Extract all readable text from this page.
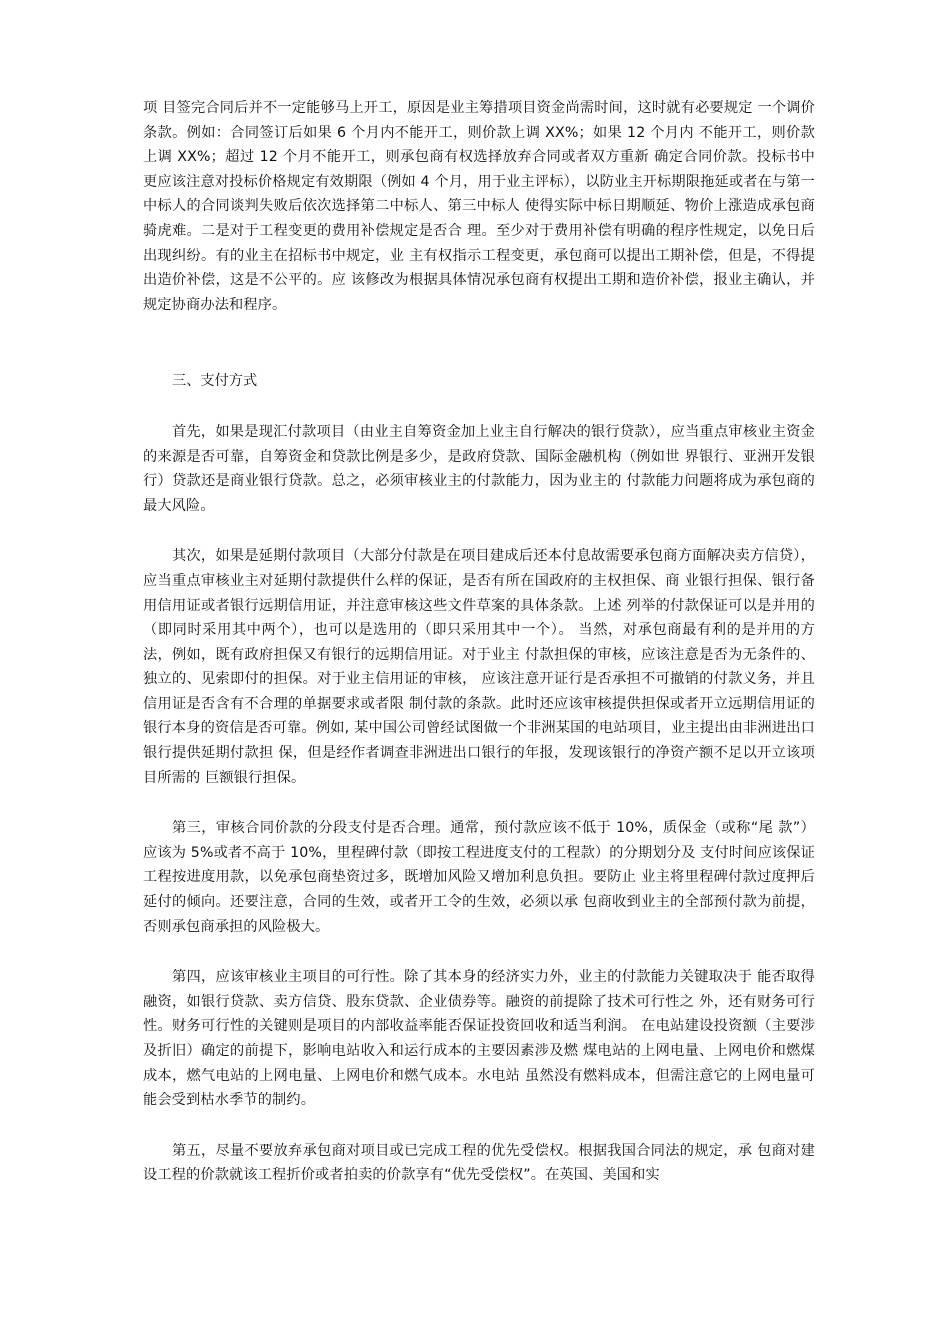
项 目签完合同后并不一定能够马上开工，原因是业主筹措项目资金尚需时间，这时就有必要规定 一个调价条款。例如：合同签订后如果 6 个月内不能开工，则价款上调 XX%；如果 12 个月内 不能开工，则价款上调 XX%；超过 12 个月不能开工，则承包商有权选择放弃合同或者双方重新 确定合同价款。投标书中更应该注意对投标价格规定有效期限（例如 4 个月，用于业主评标），以防业主开标期限拖延或者在与第一中标人的合同谈判失败后依次选择第二中标人、第三中标人 使得实际中标日期顺延、物价上涨造成承包商骑虎难。二是对于工程变更的费用补偿规定是否合 理。至少对于费用补偿有明确的程序性规定，以免日后出现纠纷。有的业主在招标书中规定，业 主有权指示工程变更，承包商可以提出工期补偿，但是，不得提出造价补偿，这是不公平的。应 该修改为根据具体情况承包商有权提出工期和造价补偿，报业主确认，并规定协商办法和程序。

三、支付方式

首先，如果是现汇付款项目（由业主自筹资金加上业主自行解决的银行贷款），应当重点审核业主资金的来源是否可靠，自筹资金和贷款比例是多少，是政府贷款、国际金融机构（例如世 界银行、亚洲开发银行）贷款还是商业银行贷款。总之，必须审核业主的付款能力，因为业主的 付款能力问题将成为承包商的最大风险。

其次，如果是延期付款项目（大部分付款是在项目建成后还本付息故需要承包商方面解决卖方信贷），应当重点审核业主对延期付款提供什么样的保证，是否有所在国政府的主权担保、商 业银行担保、银行备用信用证或者银行远期信用证，并注意审核这些文件草案的具体条款。上述 列举的付款保证可以是并用的（即同时采用其中两个），也可以是选用的（即只采用其中一个）。 当然，对承包商最有利的是并用的方法，例如，既有政府担保又有银行的远期信用证。对于业主 付款担保的审核，应该注意是否为无条件的、独立的、见索即付的担保。对于业主信用证的审核， 应该注意开证行是否承担不可撤销的付款义务，并且信用证是否含有不合理的单据要求或者限 制付款的条款。此时还应该审核提供担保或者开立远期信用证的银行本身的资信是否可靠。例如, 某中国公司曾经试图做一个非洲某国的电站项目，业主提出由非洲进出口银行提供延期付款担 保，但是经作者调查非洲进出口银行的年报，发现该银行的净资产额不足以开立该项目所需的 巨额银行担保。

第三，审核合同价款的分段支付是否合理。通常，预付款应该不低于 10%，质保金（或称“尾 款”）应该为 5%或者不高于 10%，里程碑付款（即按工程进度支付的工程款）的分期划分及 支付时间应该保证工程按进度用款，以免承包商垫资过多，既增加风险又增加利息负担。要防止 业主将里程碑付款过度押后延付的倾向。还要注意，合同的生效，或者开工令的生效，必须以承 包商收到业主的全部预付款为前提，否则承包商承担的风险极大。

第四，应该审核业主项目的可行性。除了其本身的经济实力外，业主的付款能力关键取决于 能否取得融资，如银行贷款、卖方信贷、股东贷款、企业债券等。融资的前提除了技术可行性之 外，还有财务可行性。财务可行性的关键则是项目的内部收益率能否保证投资回收和适当利润。 在电站建设投资额（主要涉及折旧）确定的前提下，影响电站收入和运行成本的主要因素涉及燃 煤电站的上网电量、上网电价和燃煤成本，燃气电站的上网电量、上网电价和燃气成本。水电站 虽然没有燃料成本，但需注意它的上网电量可能会受到枯水季节的制约。

第五，尽量不要放弃承包商对项目或已完成工程的优先受偿权。根据我国合同法的规定，承 包商对建设工程的价款就该工程折价或者拍卖的价款享有“优先受偿权”。在英国、美国和实
